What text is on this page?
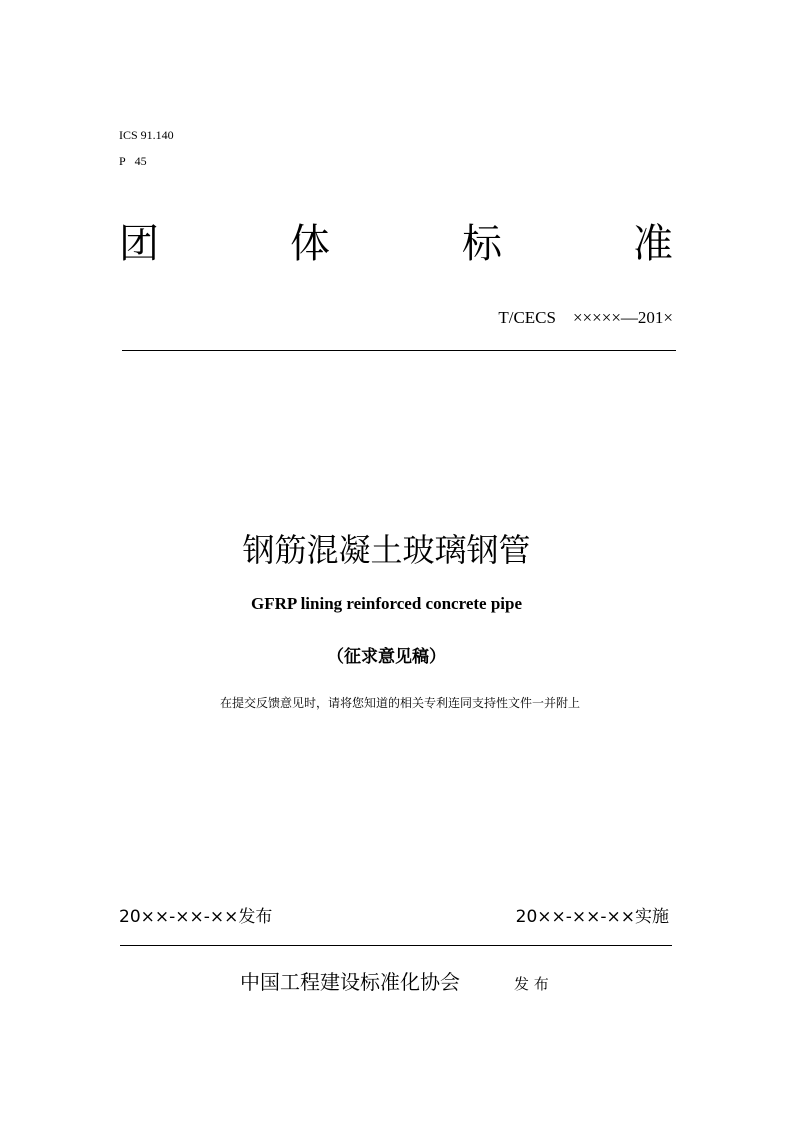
ICS 91.140
P   45
团	体	标	准
T/CECS    ×××××—201×
钢筋混凝土玻璃钢管
GFRP lining reinforced concrete pipe
（征求意见稿）
在提交反馈意见时，请将您知道的相关专利连同支持性文件一并附上
20××-××-××发布	20××-××-××实施
中国工程建设标准化协会	发 布
